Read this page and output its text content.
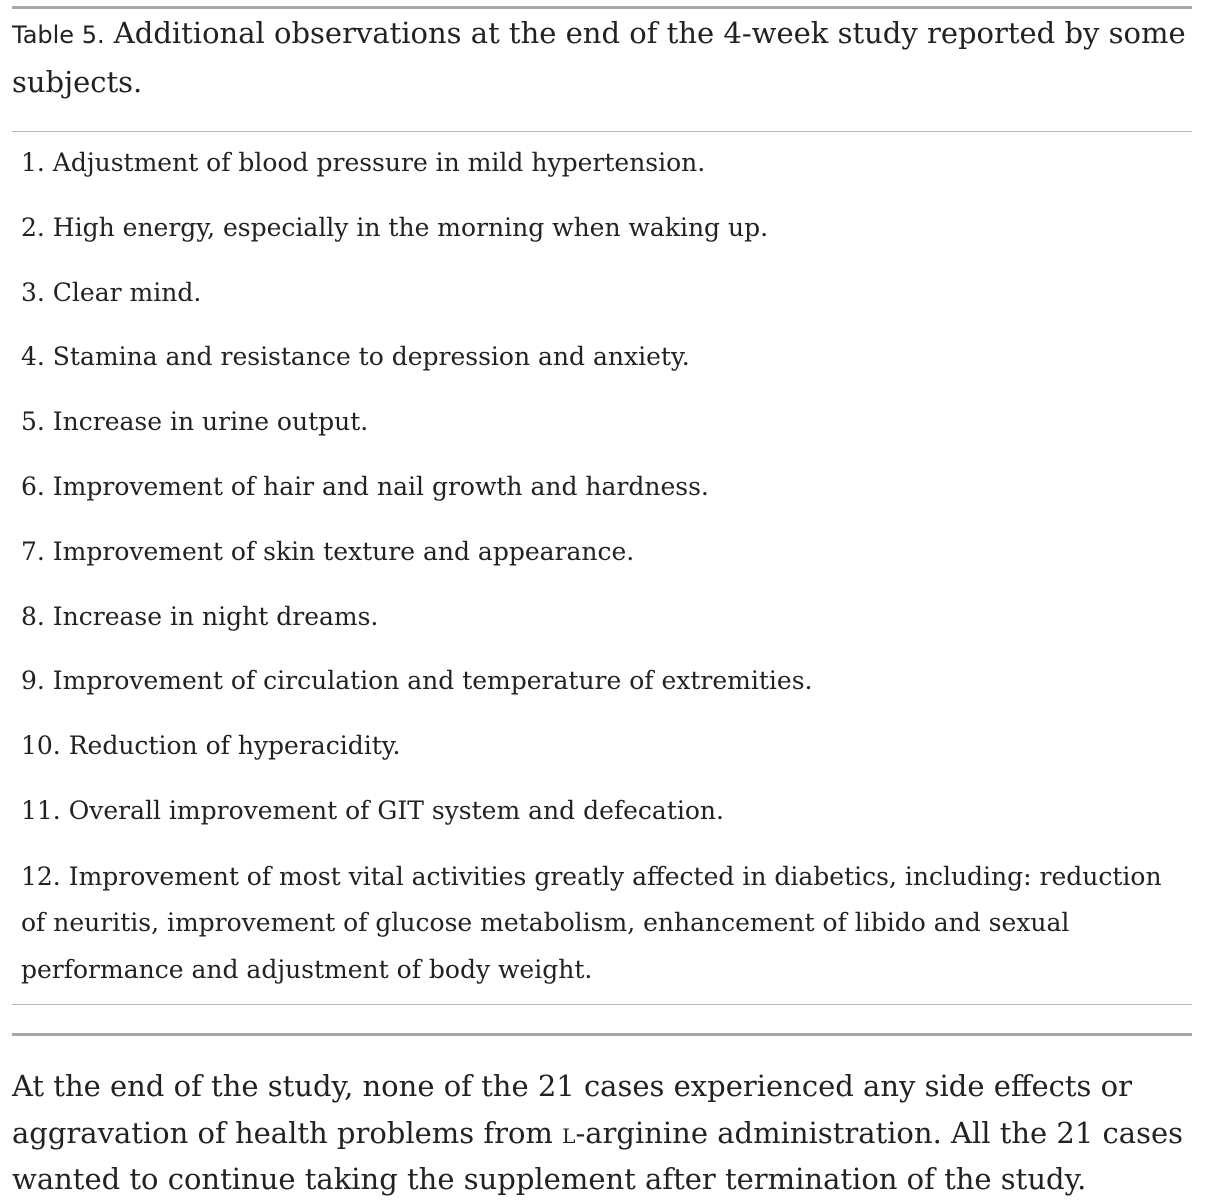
Table 5. Additional observations at the end of the 4-week study reported by some subjects.
1. Adjustment of blood pressure in mild hypertension.
2. High energy, especially in the morning when waking up.
3. Clear mind.
4. Stamina and resistance to depression and anxiety.
5. Increase in urine output.
6. Improvement of hair and nail growth and hardness.
7. Improvement of skin texture and appearance.
8. Increase in night dreams.
9. Improvement of circulation and temperature of extremities.
10. Reduction of hyperacidity.
11. Overall improvement of GIT system and defecation.
12. Improvement of most vital activities greatly affected in diabetics, including: reduction of neuritis, improvement of glucose metabolism, enhancement of libido and sexual performance and adjustment of body weight.

At the end of the study, none of the 21 cases experienced any side effects or aggravation of health problems from l-arginine administration. All the 21 cases wanted to continue taking the supplement after termination of the study.
